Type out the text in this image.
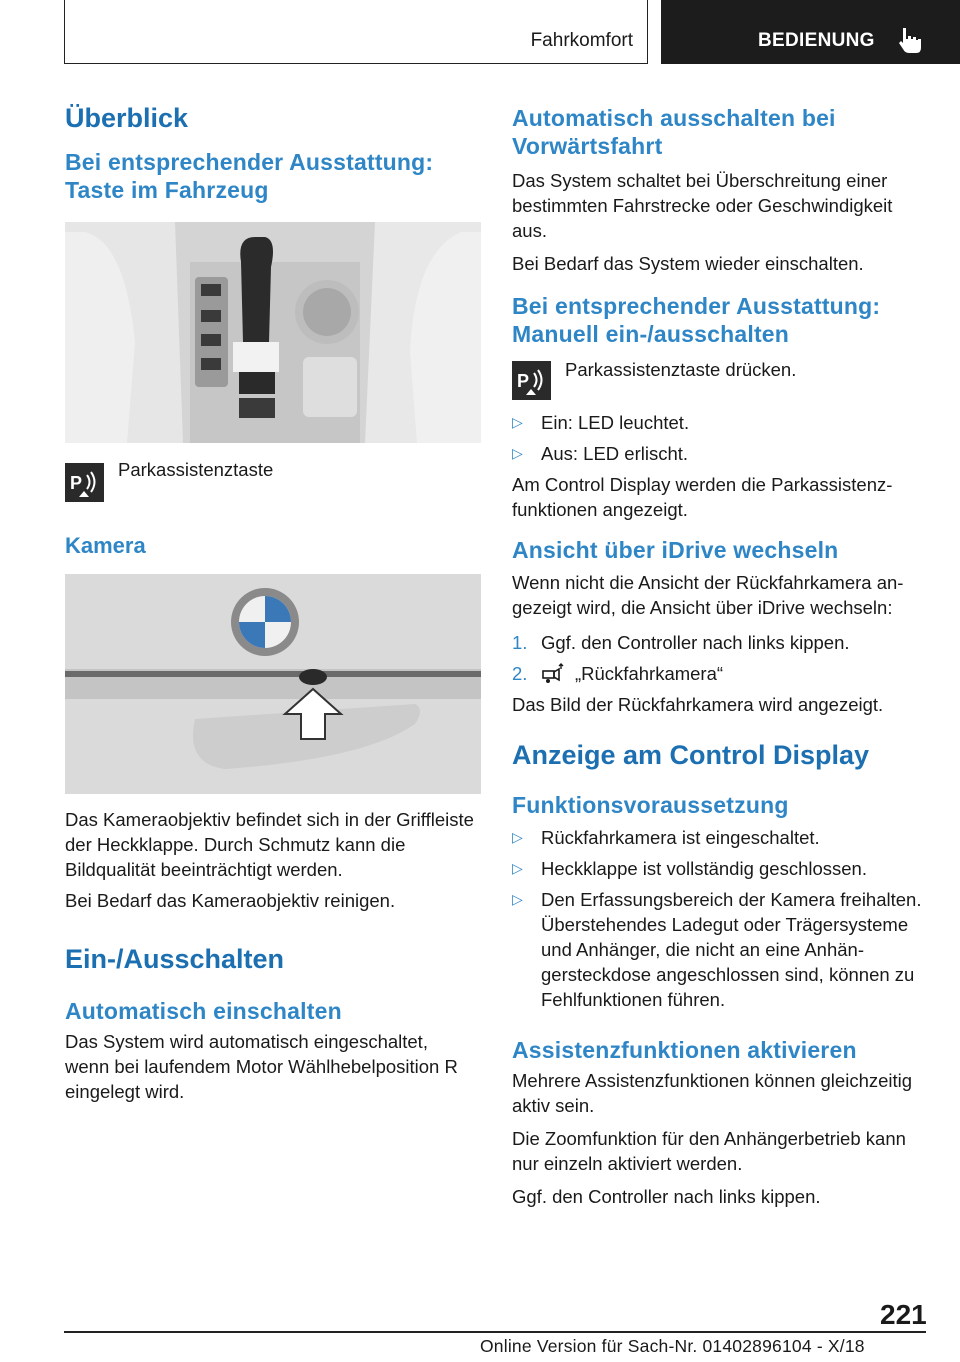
Fahrkomfort	BEDIENUNG
Überblick
Bei entsprechender Ausstattung: Taste im Fahrzeug
P

Parkassistenztaste

Kamera

Das Kameraobjektiv befindet sich in der Griffleiste der Heckklappe. Durch Schmutz kann die Bildqualität beeinträchtigt werden.

Bei Bedarf das Kameraobjektiv reinigen.

Ein-/Ausschalten
Automatisch einschalten

Das System wird automatisch eingeschaltet, wenn bei laufendem Motor Wählhebelposition R eingelegt wird.

Automatisch ausschalten bei Vorwärtsfahrt

Das System schaltet bei Überschreitung einer bestimmten Fahrstrecke oder Geschwindigkeit aus.

Bei Bedarf das System wieder einschalten.

Bei entsprechender Ausstattung: Manuell ein-/ausschalten
P

Parkassistenztaste drücken.

▷ Ein: LED leuchtet.
▷ Aus: LED erlischt.

Am Control Display werden die Parkassistenzfunktionen angezeigt.

Ansicht über iDrive wechseln

Wenn nicht die Ansicht der Rückfahrkamera angezeigt wird, die Ansicht über iDrive wechseln:

1. Ggf. den Controller nach links kippen.
2.	„Rückfahrkamera“

Das Bild der Rückfahrkamera wird angezeigt.

Anzeige am Control Display
Funktionsvoraussetzung
▷ Rückfahrkamera ist eingeschaltet.
▷ Heckklappe ist vollständig geschlossen.
▷ Den Erfassungsbereich der Kamera freihalten. Überstehendes Ladegut oder Trägersysteme und Anhänger, die nicht an eine Anhängersteckdose angeschlossen sind, können zu Fehlfunktionen führen.
Assistenzfunktionen aktivieren

Mehrere Assistenzfunktionen können gleichzeitig aktiv sein.

Die Zoomfunktion für den Anhängerbetrieb kann nur einzeln aktiviert werden.

Ggf. den Controller nach links kippen.

221
Online Version für Sach-Nr. 01402896104 - X/18
